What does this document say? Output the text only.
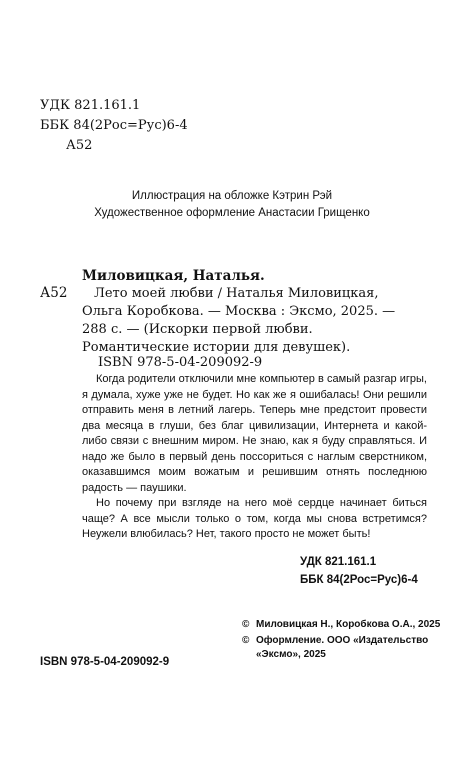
УДК 821.161.1
ББК 84(2Рос=Рус)6-4
А52
Иллюстрация на обложке Кэтрин Рэй
Художественное оформление Анастасии Грищенко
Миловицкая, Наталья.
А52	Лето моей любви / Наталья Миловицкая, Ольга Коробкова. — Москва : Эксмо, 2025. — 288 с. — (Искорки первой любви. Романтические истории для девушек).
ISBN 978-5-04-209092-9

Когда родители отключили мне компьютер в самый разгар игры, я думала, хуже уже не будет. Но как же я ошибалась! Они решили отправить меня в летний лагерь. Теперь мне предстоит провести два месяца в глуши, без благ цивилизации, Интернета и какой-либо связи с внешним миром. Не знаю, как я буду справляться. И надо же было в первый день поссориться с наглым сверстником, оказавшимся моим вожатым и решившим отнять последнюю радость — паушики.

Но почему при взгляде на него моё сердце начинает биться чаще? А все мысли только о том, когда мы снова встретимся? Неужели влюбилась? Нет, такого просто не может быть!

УДК 821.161.1
ББК 84(2Рос=Рус)6-4
© Миловицкая Н., Коробкова О.А., 2025
© Оформление. ООО «Издательство «Эксмо», 2025
ISBN 978-5-04-209092-9
